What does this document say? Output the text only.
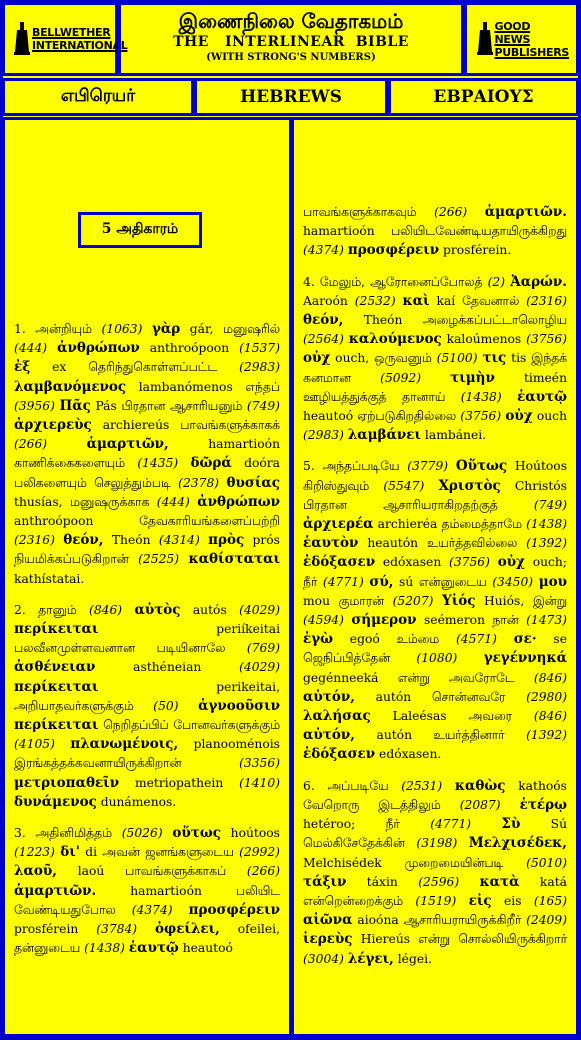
BELLWETHER INTERNATIONAL
இணைநிலை வேதாகமம்
THE   INTERLINEAR  BIBLE
(WITH STRONG'S NUMBERS)
GOOD NEWS PUBLISHERS
எபிரெயர்	HEBREWS	ΕΒΡΑΙΟΥΣ
5 அதிகாரம்

1. அன்றியும் (1063) γὰρ gár, மனுஷரில் (444) ἀνθρώπων anthroópoon (1537) ἐξ ex தெரிந்துகொள்ளப்பட்ட (2983) λαμβανόμενος lambanómenos எந்தப் (3956) Πᾶς Pás பிரதான ஆசாரியனும் (749) ἀρχιερεὺς archiereús பாவங்களுக்காகக் (266)	ἁμαρτιῶν, hamartioón காணிக்கைகளையும் (1435) δῶρά doóra பலிகளையும் செலுத்தும்படி (2378) θυσίας thusías, மனுஷருக்காக (444) ἀνθρώπων anthroópoon தேவகாரியங்களைப்பற்றி (2316) θεόν, Theón (4314) πρὸς prós நியமிக்கப்படுகிறான் (2525) καθίσταται kathístatai.

2. தானும் (846) αὐτὸς autós (4029) περίκειται periíkeitai பலவீனமுள்ளவனான படியினாலே (769) ἀσθένειαν asthéneian (4029) περίκειται perikeitai, அறியாதவர்களுக்கும் (50) ἀγνοοῦσιν περίκειται நெறிதப்பிப் போனவர்களுக்கும் (4105) πλανωμένοις, planooménois இரங்கத்தக்கவனாயிருக்கிறான் (3356) μετριοπαθεῖν metriopathein (1410) δυνάμενος dunámenos.

3. அதினிமித்தம் (5026) οὕτως hoútoos (1223) δι' di அவன் ஜனங்களுடைய (2992) λαοῦ, laoú பாவங்களுக்காகப் (266) ἁμαρτιῶν. hamartioón பலியிட வேண்டியதுபோல (4374) προσφέρειν prosférein (3784) ὀφείλει, ofeilei, தன்னுடைய (1438) ἑαυτῷ heautoó

பாவங்களுக்காகவும் (266) ἁμαρτιῶν. hamartioón பலியிடவேண்டியதாயிருக்கிறது (4374) προσφέρειν prosférein.

4. மேலும், ஆரோனைப்போலத் (2) Ἀαρών. Aaroón (2532) καὶ kaí தேவனால் (2316) θεόν, Theón அழைக்கப்பட்டாலொழிய (2564) καλούμενος kaloúmenos (3756) οὐχ ouch, ஒருவனும் (5100) τις tis இந்தக் கனமான (5092) τιμὴν timeén ஊழியத்துக்குத் தானாய் (1438) ἑαυτῷ heautoó ஏற்படுகிறதில்லை (3756) οὐχ ouch (2983) λαμβάνει lambánei.

5. அந்தப்படியே (3779) Οὕτως Hoútoos கிறிஸ்துவும் (5547) Χριστὸς Christós பிரதான ஆசாரியராகிறதற்குத் (749) ἀρχιερέα archieréa தம்மைத்தாமே (1438) ἑαυτὸν heautón உயர்த்தவில்லை (1392) ἐδόξασεν edóxasen (3756) οὐχ ouch; நீர் (4771) σύ, sú என்னுடைய (3450) μου mou குமாரன் (5207) Υἱός Huiós, இன்று (4594) σήμερον seémeron நான் (1473) ἐγὼ egoó உம்மை (4571) σε· se ஜெநிப்பித்தேன் (1080) γεγέννηκά gegénneeká என்று அவரோடே (846) αὐτόν, autón சொன்னவரே (2980) λαλήσας Laleésas அவரை (846) αὐτόν, autón உயர்த்தினார் (1392) ἐδόξασεν edóxasen.

6. அப்படியே (2531) καθὼς kathoós வேறொரு இடத்திலும் (2087) ἑτέρῳ hetéroo; நீர் (4771) Σὺ Sú மெல்கிசேதேக்கின் (3198) Μελχισέδεκ, Melchisédek முறைமையின்படி (5010) τάξιν táxin (2596) κατὰ katá என்றென்றைக்கும் (1519) εἰς eis (165) αἰῶνα aioóna ஆசாரியராயிருக்கிறீர் (2409) ἱερεὺς Hiereús என்று சொல்லியிருக்கிறார் (3004) λέγει, légei.
